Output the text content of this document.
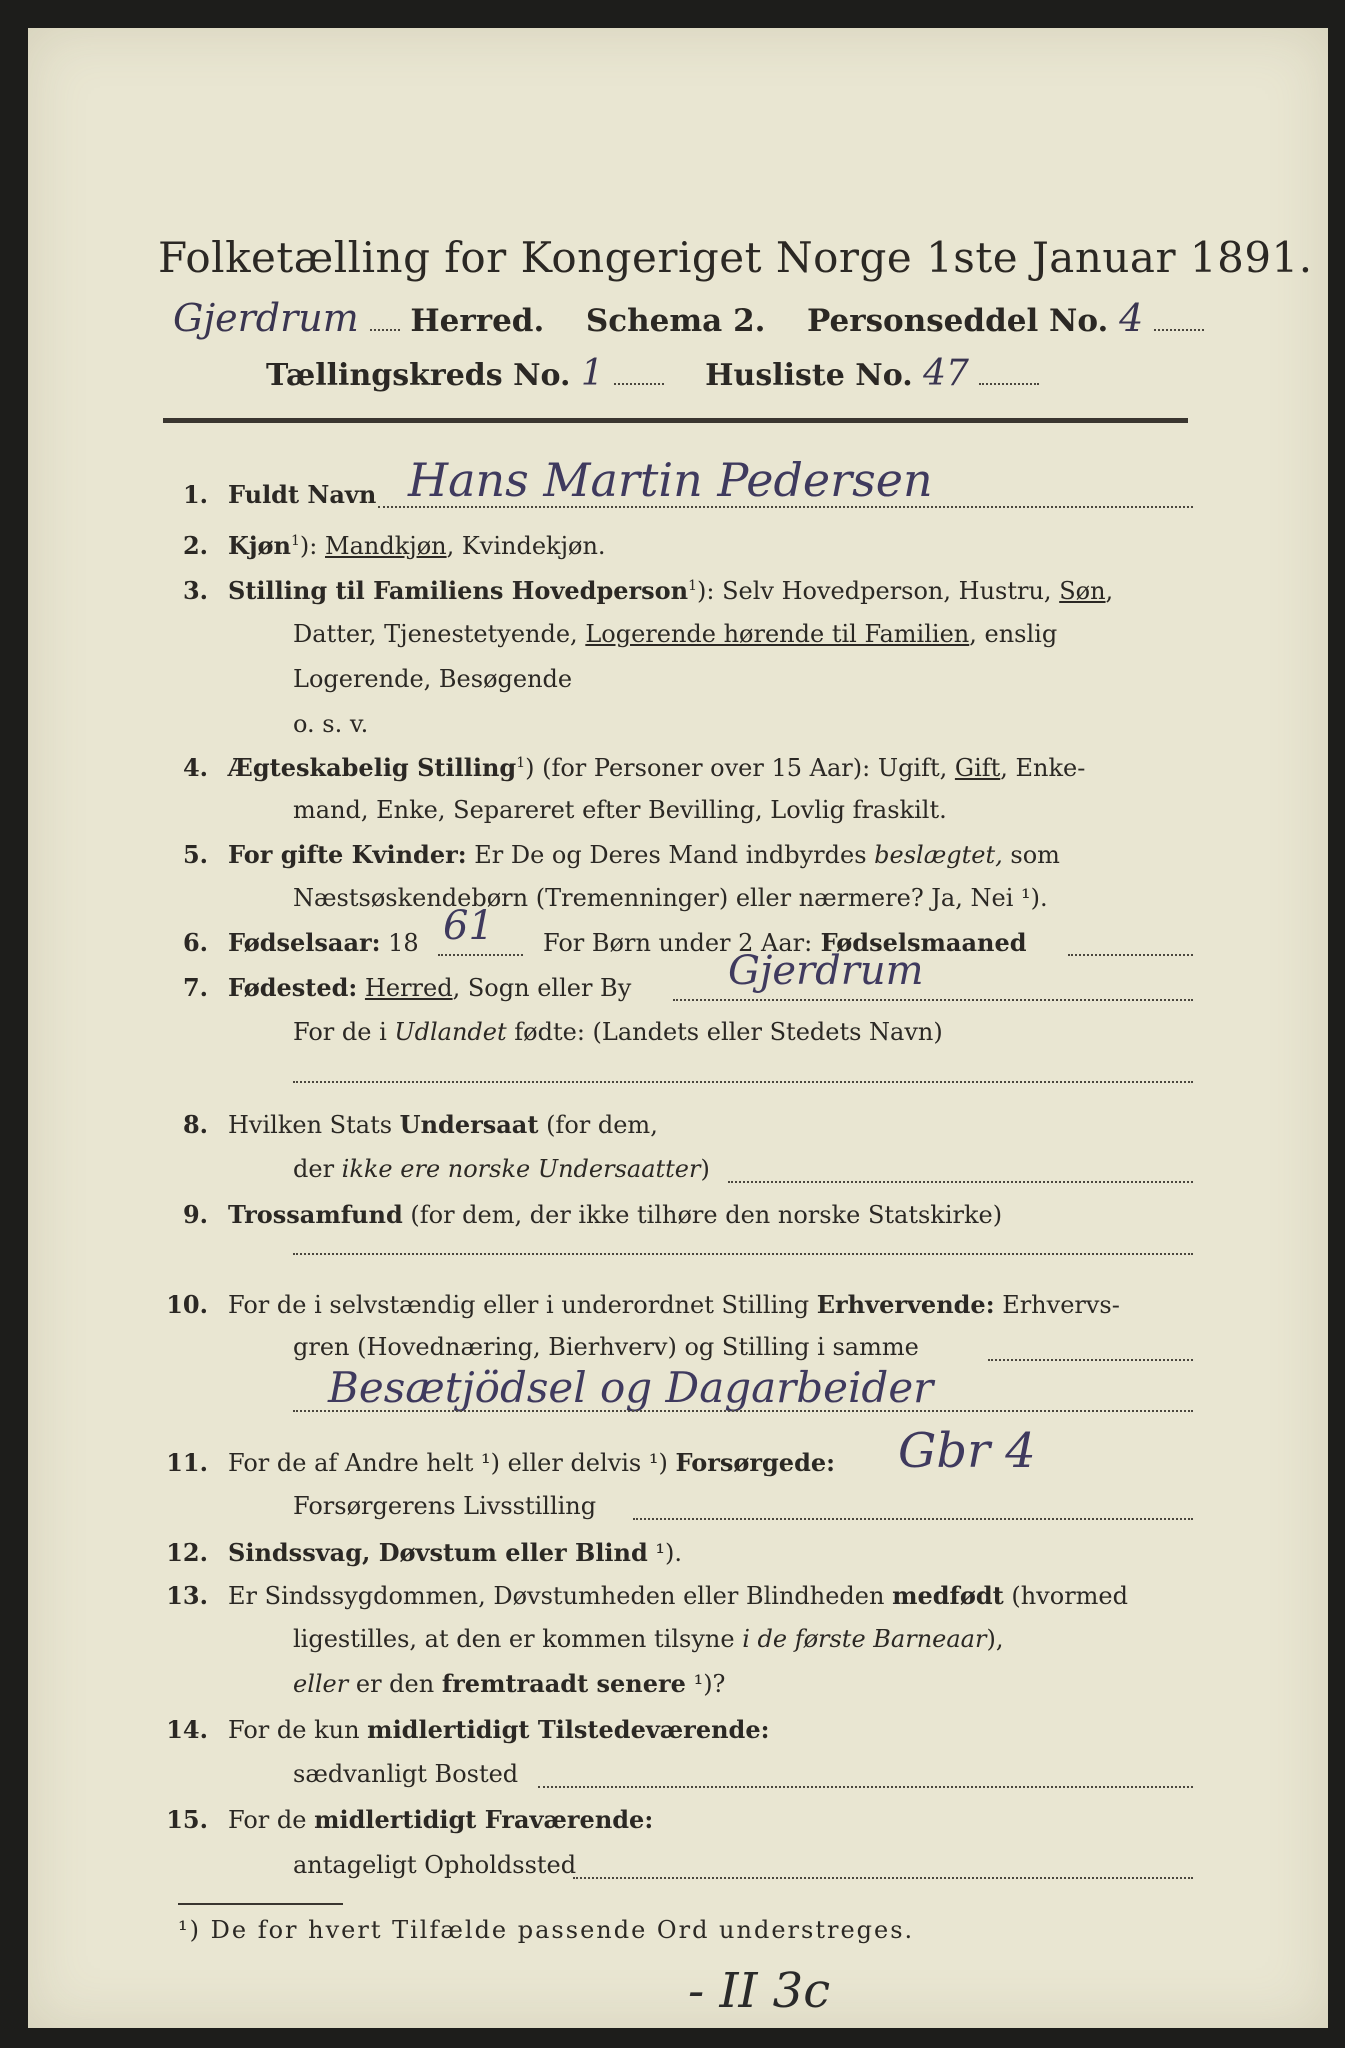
Folketælling for Kongeriget Norge 1ste Januar 1891.
Gjerdrum Herred. Schema 2. Personseddel No. 4
Tællingskreds No. 1	Husliste No. 47
1. Fuldt Navn Hans Martin Pedersen
2. Kjøn$^1$): Mandkjøn, Kvindekjøn.
3. Stilling til Familiens Hovedperson$^1$): Selv Hovedperson, Hustru, Søn,
Datter, Tjenestetyende, Logerende hørende til Familien, enslig
Logerende, Besøgende
o. s. v.
4. Ægteskabelig Stilling$^1$) (for Personer over 15 Aar): Ugift, Gift, Enke-
mand, Enke, Separeret efter Bevilling, Lovlig fraskilt.
5. For gifte Kvinder: Er De og Deres Mand indbyrdes beslægtet, som
Næstsøskendebørn (Tremenninger) eller nærmere? Ja, Nei ¹).
6. Fødselsaar: 18	For Børn under 2 Aar: Fødselsmaaned
61
7. Fødested: Herred, Sogn eller By Gjerdrum
For de i Udlandet fødte: (Landets eller Stedets Navn)
8. Hvilken Stats Undersaat (for dem,
der ikke ere norske Undersaatter)
9. Trossamfund (for dem, der ikke tilhøre den norske Statskirke)
10. For de i selvstændig eller i underordnet Stilling Erhvervende: Erhvervs-
gren (Hovednæring, Bierhverv) og Stilling i samme
Besætjödsel og Dagarbeider
11. For de af Andre helt ¹) eller delvis ¹) Forsørgede:
Forsørgerens Livsstilling
Gbr 4
12. Sindssvag, Døvstum eller Blind ¹).
13. Er Sindssygdommen, Døvstumheden eller Blindheden medfødt (hvormed
ligestilles, at den er kommen tilsyne i de første Barneaar),
eller er den fremtraadt senere ¹)?
14. For de kun midlertidigt Tilstedeværende:
sædvanligt Bosted
15. For de midlertidigt Fraværende:
antageligt Opholdssted
¹) De for hvert Tilfælde passende Ord understreges.
- II 3c
